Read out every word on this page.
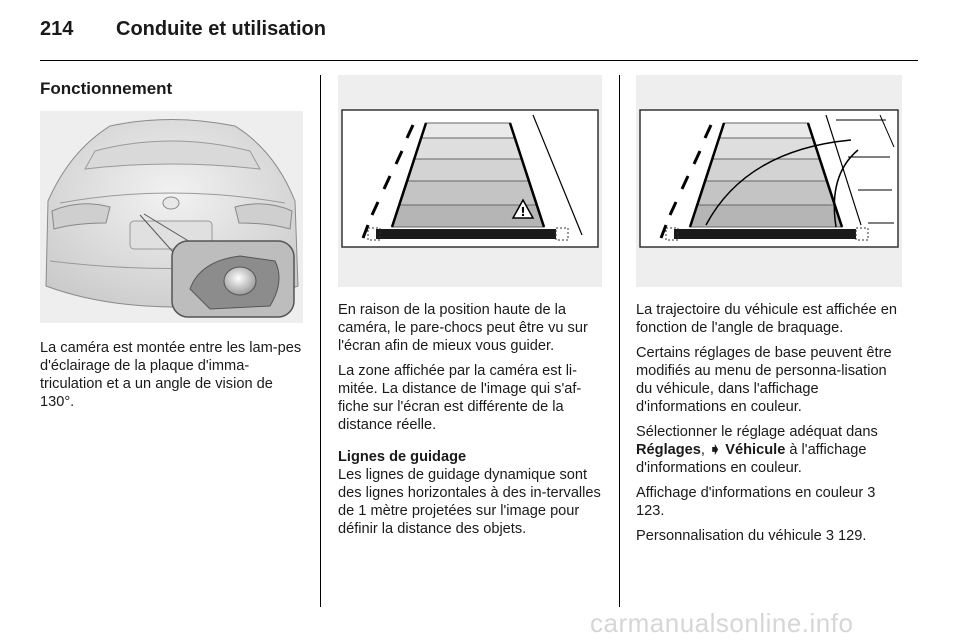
214	Conduite et utilisation
Fonctionnement

La caméra est montée entre les lam-pes d'éclairage de la plaque d'imma-triculation et a un angle de vision de 130°.

!

En raison de la position haute de la caméra, le pare-chocs peut être vu sur l'écran afin de mieux vous guider.

La zone affichée par la caméra est li-mitée. La distance de l'image qui s'af-fiche sur l'écran est différente de la distance réelle.

Lignes de guidage

Les lignes de guidage dynamique sont des lignes horizontales à des in-tervalles de 1 mètre projetées sur l'image pour définir la distance des objets.

La trajectoire du véhicule est affichée en fonction de l'angle de braquage.

Certains réglages de base peuvent être modifiés au menu de personna-lisation du véhicule, dans l'affichage d'informations en couleur.

Sélectionner le réglage adéquat dans Réglages, ➧ Véhicule à l'affichage d'informations en couleur.

Affichage d'informations en couleur 3 123.

Personnalisation du véhicule 3 129.

carmanualsonline.info
